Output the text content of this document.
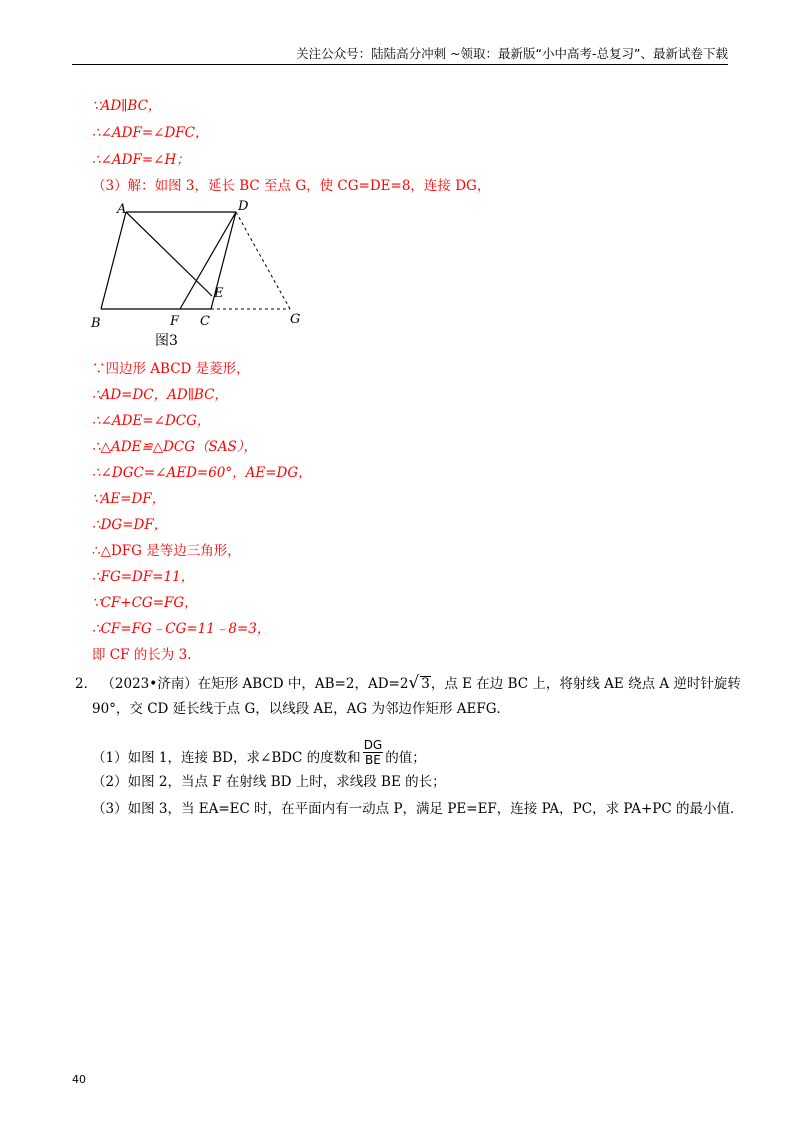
关注公众号：陆陆高分冲刺 ~领取：最新版“小中高考-总复习”、最新试卷下载
∵AD∥BC，
∴∠ADF=∠DFC，
∴∠ADF=∠H；
（3）解：如图 3，延长 BC 至点 G，使 CG=DE=8，连接 DG，
A	D
B	F C
E
G
图3
∵四边形 ABCD 是菱形，
∴AD=DC，AD∥BC，
∴∠ADE=∠DCG，
∴△ADE≌△DCG（SAS），
∴∠DGC=∠AED=60°，AE=DG，
∵AE=DF，
∴DG=DF，
∴△DFG 是等边三角形，
∴FG=DF=11，
∵CF+CG=FG，
∴CF=FG﹣CG=11﹣8=3，
即 CF 的长为 3.
2． （2023•济南）在矩形 ABCD 中，AB=2，AD=2√ 3，点 E 在边 BC 上，将射线 AE 绕点 A 逆时针旋转
90°，交 CD 延长线于点 G，以线段 AE，AG 为邻边作矩形 AEFG．
（1）如图 1，连接 BD，求∠BDC 的度数和 $\frac{DG}{BE}$ 的值；
（2）如图 2，当点 F 在射线 BD 上时，求线段 BE 的长；
（3）如图 3，当 EA=EC 时，在平面内有一动点 P，满足 PE=EF，连接 PA，PC，求 PA+PC 的最小值．
40
